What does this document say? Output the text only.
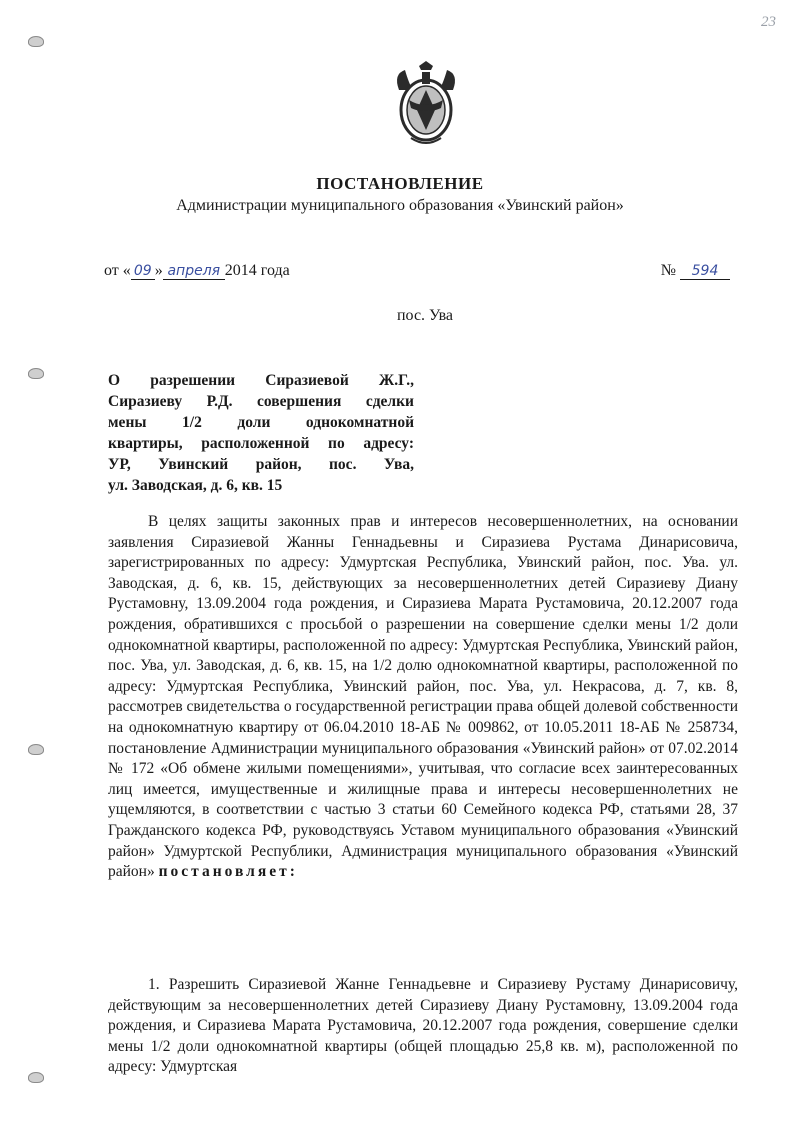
23
ПОСТАНОВЛЕНИЕ
Администрации муниципального образования «Увинский район»
от « 09 » апреля 2014 года	№ 594
пос. Ува
О разрешении Сиразиевой Ж.Г.,
Сиразиеву Р.Д. совершения сделки
мены 1/2 доли однокомнатной
квартиры, расположенной по адресу:
УР, Увинский район, пос. Ува,
ул. Заводская, д. 6, кв. 15
В целях защиты законных прав и интересов несовершеннолетних, на основании заявления Сиразиевой Жанны Геннадьевны и Сиразиева Рустама Динарисовича, зарегистрированных по адресу: Удмуртская Республика, Увинский район, пос. Ува. ул. Заводская, д. 6, кв. 15, действующих за несовершеннолетних детей Сиразиеву Диану Рустамовну, 13.09.2004 года рождения, и Сиразиева Марата Рустамовича, 20.12.2007 года рождения, обратившихся с просьбой о разрешении на совершение сделки мены 1/2 доли однокомнатной квартиры, расположенной по адресу: Удмуртская Республика, Увинский район, пос. Ува, ул. Заводская, д. 6, кв. 15, на 1/2 долю однокомнатной квартиры, расположенной по адресу: Удмуртская Республика, Увинский район, пос. Ува, ул. Некрасова, д. 7, кв. 8, рассмотрев свидетельства о государственной регистрации права общей долевой собственности на однокомнатную квартиру от 06.04.2010 18-АБ № 009862, от 10.05.2011 18-АБ № 258734, постановление Администрации муниципального образования «Увинский район» от 07.02.2014 № 172 «Об обмене жилыми помещениями», учитывая, что согласие всех заинтересованных лиц имеется, имущественные и жилищные права и интересы несовершеннолетних не ущемляются, в соответствии с частью 3 статьи 60 Семейного кодекса РФ, статьями 28, 37 Гражданского кодекса РФ, руководствуясь Уставом муниципального образования «Увинский район» Удмуртской Республики, Администрация муниципального образования «Увинский район» постановляет:
1. Разрешить Сиразиевой Жанне Геннадьевне и Сиразиеву Рустаму Динарисовичу, действующим за несовершеннолетних детей Сиразиеву Диану Рустамовну, 13.09.2004 года рождения, и Сиразиева Марата Рустамовича, 20.12.2007 года рождения, совершение сделки мены 1/2 доли однокомнатной квартиры (общей площадью 25,8 кв. м), расположенной по адресу: Удмуртская
